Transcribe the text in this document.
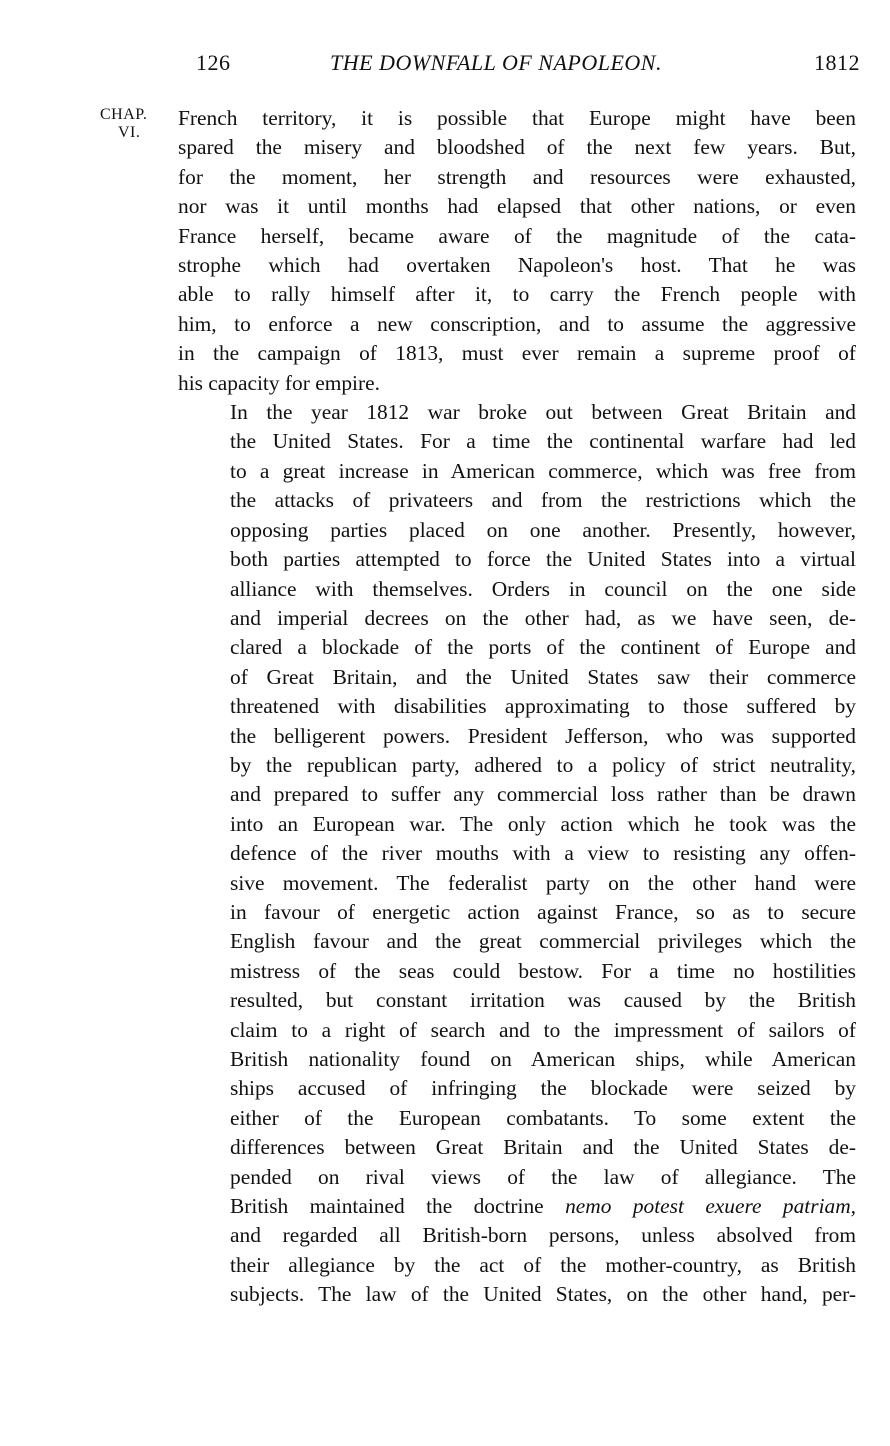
126	THE DOWNFALL OF NAPOLEON.	1812
CHAP.
VI.

French territory, it is possible that Europe might have been
spared the misery and bloodshed of the next few years. But,
for the moment, her strength and resources were exhausted,
nor was it until months had elapsed that other nations, or even
France herself, became aware of the magnitude of the cata-
strophe which had overtaken Napoleon's host. That he was
able to rally himself after it, to carry the French people with
him, to enforce a new conscription, and to assume the aggressive
in the campaign of 1813, must ever remain a supreme proof of
his capacity for empire.

In the year 1812 war broke out between Great Britain and
the United States. For a time the continental warfare had led
to a great increase in American commerce, which was free from
the attacks of privateers and from the restrictions which the
opposing parties placed on one another. Presently, however,
both parties attempted to force the United States into a virtual
alliance with themselves. Orders in council on the one side
and imperial decrees on the other had, as we have seen, de-
clared a blockade of the ports of the continent of Europe and
of Great Britain, and the United States saw their commerce
threatened with disabilities approximating to those suffered by
the belligerent powers. President Jefferson, who was supported
by the republican party, adhered to a policy of strict neutrality,
and prepared to suffer any commercial loss rather than be drawn
into an European war. The only action which he took was the
defence of the river mouths with a view to resisting any offen-
sive movement. The federalist party on the other hand were
in favour of energetic action against France, so as to secure
English favour and the great commercial privileges which the
mistress of the seas could bestow. For a time no hostilities
resulted, but constant irritation was caused by the British
claim to a right of search and to the impressment of sailors of
British nationality found on American ships, while American
ships accused of infringing the blockade were seized by
either of the European combatants. To some extent the
differences between Great Britain and the United States de-
pended on rival views of the law of allegiance. The
British maintained the doctrine nemo potest exuere patriam,
and regarded all British-born persons, unless absolved from
their allegiance by the act of the mother-country, as British
subjects. The law of the United States, on the other hand, per-
